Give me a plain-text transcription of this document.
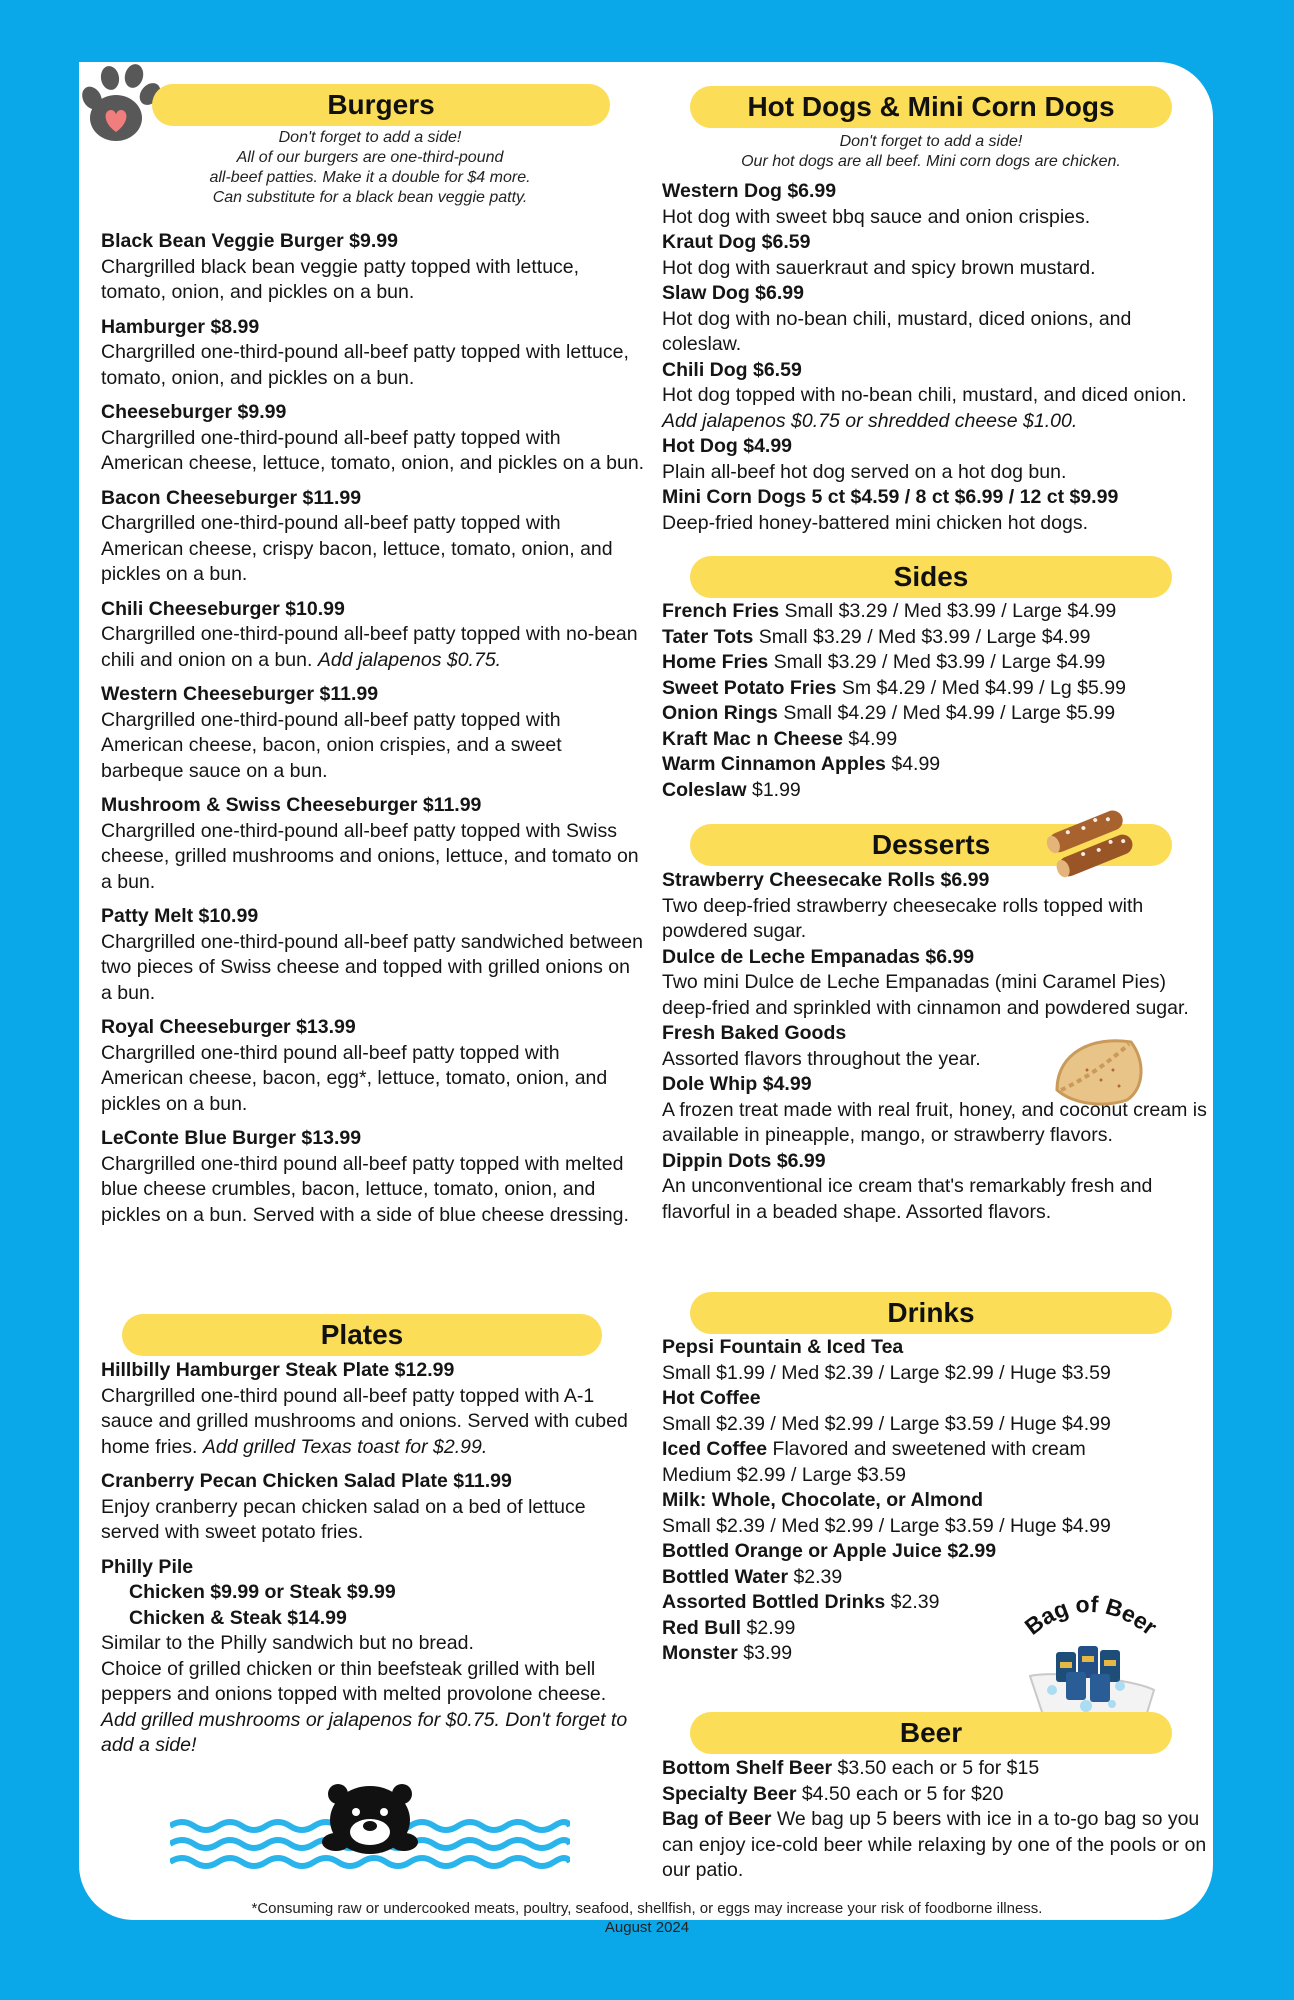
Burgers
Don't forget to add a side!
All of our burgers are one-third-pound
all-beef patties. Make it a double for $4 more.
Can substitute for a black bean veggie patty.
Black Bean Veggie Burger $9.99
Chargrilled black bean veggie patty topped with lettuce, tomato, onion, and pickles on a bun.
Hamburger $8.99
Chargrilled one-third-pound all-beef patty topped with lettuce, tomato, onion, and pickles on a bun.
Cheeseburger $9.99
Chargrilled one-third-pound all-beef patty topped with American cheese, lettuce, tomato, onion, and pickles on a bun.
Bacon Cheeseburger $11.99
Chargrilled one-third-pound all-beef patty topped with American cheese, crispy bacon, lettuce, tomato, onion, and pickles on a bun.
Chili Cheeseburger $10.99
Chargrilled one-third-pound all-beef patty topped with no-bean chili and onion on a bun. Add jalapenos $0.75.
Western Cheeseburger $11.99
Chargrilled one-third-pound all-beef patty topped with American cheese, bacon, onion crispies, and a sweet barbeque sauce on a bun.
Mushroom & Swiss Cheeseburger $11.99
Chargrilled one-third-pound all-beef patty topped with Swiss cheese, grilled mushrooms and onions, lettuce, and tomato on a bun.
Patty Melt $10.99
Chargrilled one-third-pound all-beef patty sandwiched between two pieces of Swiss cheese and topped with grilled onions on a bun.
Royal Cheeseburger $13.99
Chargrilled one-third pound all-beef patty topped with American cheese, bacon, egg*, lettuce, tomato, onion, and pickles on a bun.
LeConte Blue Burger $13.99
Chargrilled one-third pound all-beef patty topped with melted blue cheese crumbles, bacon, lettuce, tomato, onion, and pickles on a bun. Served with a side of blue cheese dressing.
Plates
Hillbilly Hamburger Steak Plate $12.99
Chargrilled one-third pound all-beef patty topped with A-1 sauce and grilled mushrooms and onions. Served with cubed home fries. Add grilled Texas toast for $2.99.
Cranberry Pecan Chicken Salad Plate $11.99
Enjoy cranberry pecan chicken salad on a bed of lettuce served with sweet potato fries.
Philly Pile
Chicken $9.99 or Steak $9.99
Chicken & Steak $14.99
Similar to the Philly sandwich but no bread.
Choice of grilled chicken or thin beefsteak grilled with bell peppers and onions topped with melted provolone cheese. Add grilled mushrooms or jalapenos for $0.75. Don't forget to add a side!
Hot Dogs & Mini Corn Dogs
Don't forget to add a side!
Our hot dogs are all beef. Mini corn dogs are chicken.
Western Dog $6.99
Hot dog with sweet bbq sauce and onion crispies.
Kraut Dog $6.59
Hot dog with sauerkraut and spicy brown mustard.
Slaw Dog $6.99
Hot dog with no-bean chili, mustard, diced onions, and coleslaw.
Chili Dog $6.59
Hot dog topped with no-bean chili, mustard, and diced onion. Add jalapenos $0.75 or shredded cheese $1.00.
Hot Dog $4.99
Plain all-beef hot dog served on a hot dog bun.
Mini Corn Dogs 5 ct $4.59 / 8 ct $6.99 / 12 ct $9.99
Deep-fried honey-battered mini chicken hot dogs.
Sides
French Fries Small $3.29 / Med $3.99 / Large $4.99
Tater Tots Small $3.29 / Med $3.99 / Large $4.99
Home Fries Small $3.29 / Med $3.99 / Large $4.99
Sweet Potato Fries Sm $4.29 / Med $4.99 / Lg $5.99
Onion Rings Small $4.29 / Med $4.99 / Large $5.99
Kraft Mac n Cheese $4.99
Warm Cinnamon Apples $4.99
Coleslaw $1.99
Desserts
Strawberry Cheesecake Rolls $6.99
Two deep-fried strawberry cheesecake rolls topped with powdered sugar.
Dulce de Leche Empanadas $6.99
Two mini Dulce de Leche Empanadas (mini Caramel Pies) deep-fried and sprinkled with cinnamon and powdered sugar.
Fresh Baked Goods
Assorted flavors throughout the year.
Dole Whip $4.99
A frozen treat made with real fruit, honey, and coconut cream is available in pineapple, mango, or strawberry flavors.
Dippin Dots $6.99
An unconventional ice cream that's remarkably fresh and flavorful in a beaded shape. Assorted flavors.
Drinks
Pepsi Fountain & Iced Tea
Small $1.99 / Med $2.39 / Large $2.99 / Huge $3.59
Hot Coffee
Small $2.39 / Med $2.99 / Large $3.59 / Huge $4.99
Iced Coffee Flavored and sweetened with cream
Medium $2.99 / Large $3.59
Milk: Whole, Chocolate, or Almond
Small $2.39 / Med $2.99 / Large $3.59 / Huge $4.99
Bottled Orange or Apple Juice $2.99
Bottled Water $2.39
Assorted Bottled Drinks $2.39
Red Bull $2.99
Monster $3.99
Bag of Beer
Beer
Bottom Shelf Beer $3.50 each or 5 for $15
Specialty Beer $4.50 each or 5 for $20
Bag of Beer We bag up 5 beers with ice in a to-go bag so you can enjoy ice-cold beer while relaxing by one of the pools or on our patio.
*Consuming raw or undercooked meats, poultry, seafood, shellfish, or eggs may increase your risk of foodborne illness.
August 2024
